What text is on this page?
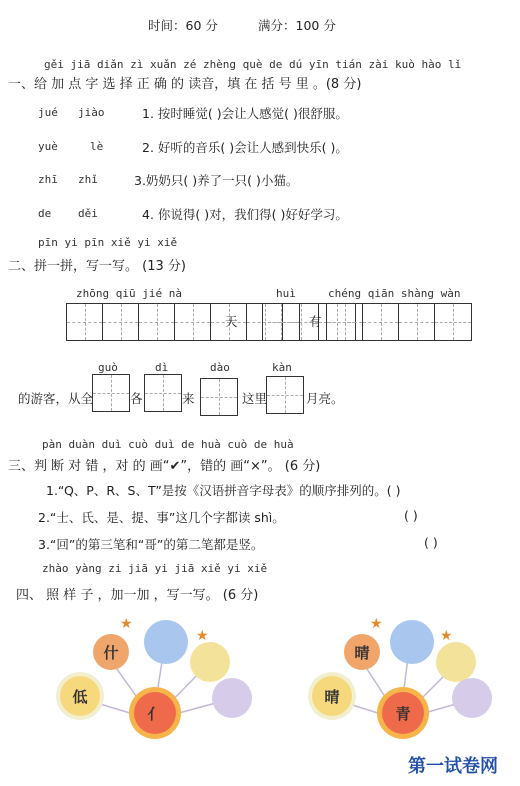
时间：60 分	满分：100 分
gěi jiā diǎn zì xuǎn zé zhèng què de dú yīn tián zài kuò hào lǐ
一、给 加 点 字 选 择 正 确 的 读音，填 在 括 号 里 。(8 分)
jué jiào	1. 按时睡觉( )会让人感觉( )很舒服。
yuè	lè	2. 好听的音乐( )会让人感到快乐( )。
zhī zhǐ	3.奶奶只( )养了一只( )小猫。
de děi	4. 你说得( )对，我们得( )好好学习。
pīn yi pīn xiě yi xiě
二、拼一拼，写一写。 (13 分)
zhōng qiū jié nà	huì	chéng qiān shàng wàn
天	有
guò	dì	dào	kàn
的游客，从全	各	来	这里	月亮。
pàn duàn duì cuò duì de huà cuò de huà
三、判 断 对 错 ，对 的 画“✔”，错的 画“×”。 (6 分)
1.“Q、P、R、S、T”是按《汉语拼音字母表》的顺序排列的。( )
2.“士、氏、是、提、事”这几个字都读 shì。	( )
3.“回”的第三笔和“哥”的第二笔都是竖。	( )
zhào yàng zi jiā yi jiā xiě yi xiě
四、 照 样 子 ，加一加 ，写一写。 (6 分)
什
低
亻
★
★
晴
晴
青
★
★
第一试卷网
